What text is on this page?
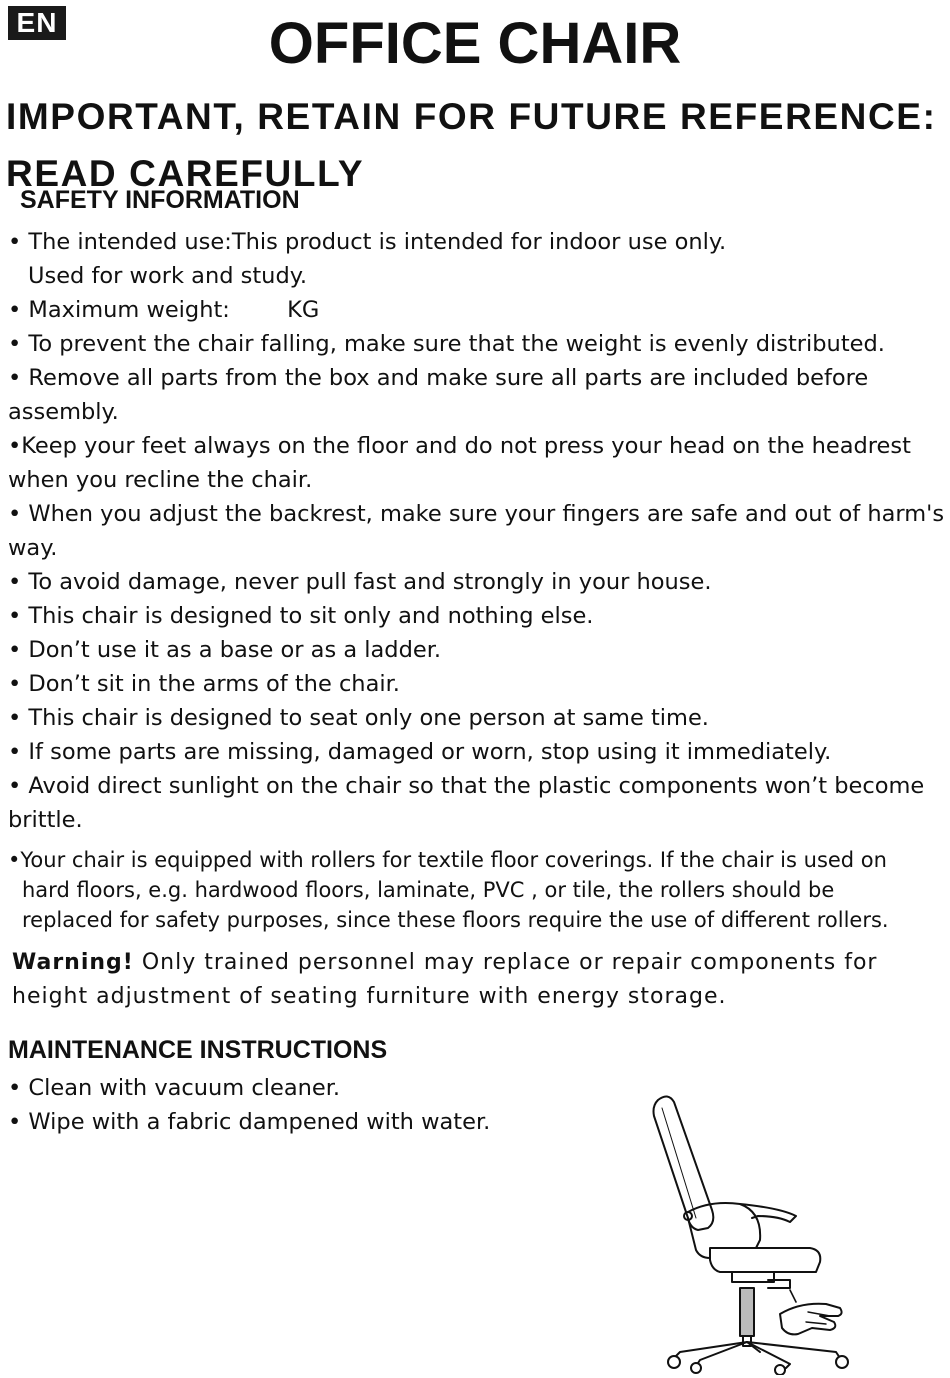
EN	OFFICE CHAIR
IMPORTANT, RETAIN FOR FUTURE REFERENCE:
READ CAREFULLY
SAFETY INFORMATION

• The intended use:This product is intended for indoor use only.

Used for work and study.

• Maximum weight:        KG

• To prevent the chair falling, make sure that the weight is evenly distributed.

• Remove all parts from the box and make sure all parts are included before assembly.

•Keep your feet always on the floor and do not press your head on the headrest when you recline the chair.

• When you adjust the backrest, make sure your fingers are safe and out of harm's way.

• To avoid damage, never pull fast and strongly in your house.

• This chair is designed to sit only and nothing else.

• Don’t use it as a base or as a ladder.

• Don’t sit in the arms of the chair.

• This chair is designed to seat only one person at same time.

• If some parts are missing, damaged or worn, stop using it immediately.

• Avoid direct sunlight on the chair so that the plastic components won’t become brittle.

•Your chair is equipped with rollers for textile floor coverings. If the chair is used on
hard floors, e.g. hardwood floors, laminate, PVC , or tile, the rollers should be
replaced for safety purposes, since these floors require the use of different rollers.
Warning! Only trained personnel may replace or repair components for height adjustment of seating furniture with energy storage.
MAINTENANCE INSTRUCTIONS

• Clean with vacuum cleaner.

• Wipe with a fabric dampened with water.
